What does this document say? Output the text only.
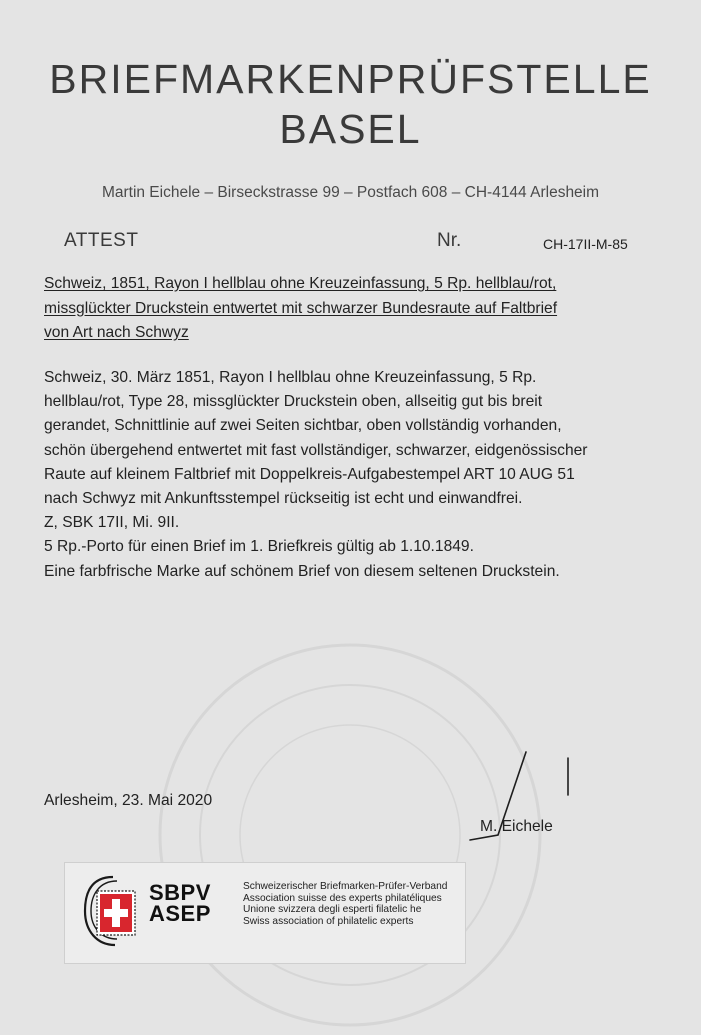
BRIEFMARKENPRÜFSTELLE
BASEL
Martin Eichele – Birseckstrasse 99 – Postfach 608 – CH-4144 Arlesheim
ATTEST	Nr.	CH-17II-M-85
Schweiz, 1851, Rayon I hellblau ohne Kreuzeinfassung, 5 Rp. hellblau/rot,
missglückter Druckstein entwertet mit schwarzer Bundesraute auf Faltbrief
von Art nach Schwyz
Schweiz, 30. März 1851, Rayon I hellblau ohne Kreuzeinfassung, 5 Rp.
hellblau/rot, Type 28, missglückter Druckstein oben, allseitig gut bis breit
gerandet, Schnittlinie auf zwei Seiten sichtbar, oben vollständig vorhanden,
schön übergehend entwertet mit fast vollständiger, schwarzer, eidgenössischer
Raute auf kleinem Faltbrief mit Doppelkreis-Aufgabestempel ART 10 AUG 51
nach Schwyz mit Ankunftsstempel rückseitig ist echt und einwandfrei.
Z, SBK 17II, Mi. 9II.
5 Rp.-Porto für einen Brief im 1. Briefkreis gültig ab 1.10.1849.
Eine farbfrische Marke auf schönem Brief von diesem seltenen Druckstein.
Arlesheim, 23. Mai 2020
M. Eichele
SBPV
ASEP
Schweizerischer Briefmarken-Prüfer-Verband
Association suisse des experts philatéliques
Unione svizzera degli esperti filatelic he
Swiss association of philatelic experts
